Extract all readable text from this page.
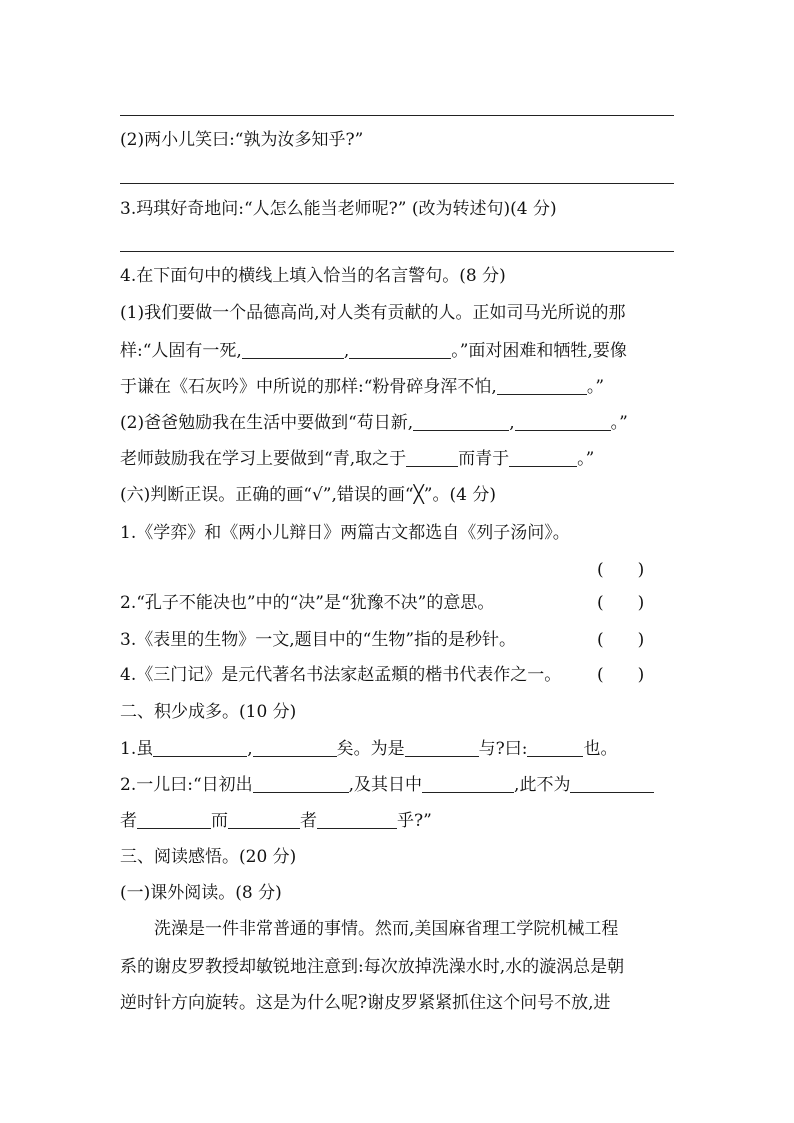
(2)两小儿笑曰:“孰为汝多知乎?”
3.玛琪好奇地问:“人怎么能当老师呢?” (改为转述句)(4 分)
4.在下面句中的横线上填入恰当的名言警句。(8 分)
(1)我们要做一个品德高尚,对人类有贡献的人。正如司马光所说的那
样:“人固有一死,	,	。”面对困难和牺牲,要像
于谦在《石灰吟》中所说的那样:“粉骨碎身浑不怕,	。”
(2)爸爸勉励我在生活中要做到“苟日新,	,	。”
老师鼓励我在学习上要做到“青,取之于	而青于	。”
(六)判断正误。正确的画“√”,错误的画“╳”。(4 分)
1.《学弈》和《两小儿辩日》两篇古文都选自《列子汤问》。
(　　)
2.“孔子不能决也”中的“决”是“犹豫不决”的意思。	(　　)
3.《表里的生物》一文,题目中的“生物”指的是秒针。	(　　)
4.《三门记》是元代著名书法家赵孟頫的楷书代表作之一。	(　　)
二、积少成多。(10 分)
1.虽	,	矣。为是	与?曰:	也。
2.一儿曰:“日初出	,及其日中	,此不为
者	而	者	乎?”
三、阅读感悟。(20 分)
(一)课外阅读。(8 分)
洗澡是一件非常普通的事情。然而,美国麻省理工学院机械工程
系的谢皮罗教授却敏锐地注意到:每次放掉洗澡水时,水的漩涡总是朝
逆时针方向旋转。这是为什么呢?谢皮罗紧紧抓住这个问号不放,进
